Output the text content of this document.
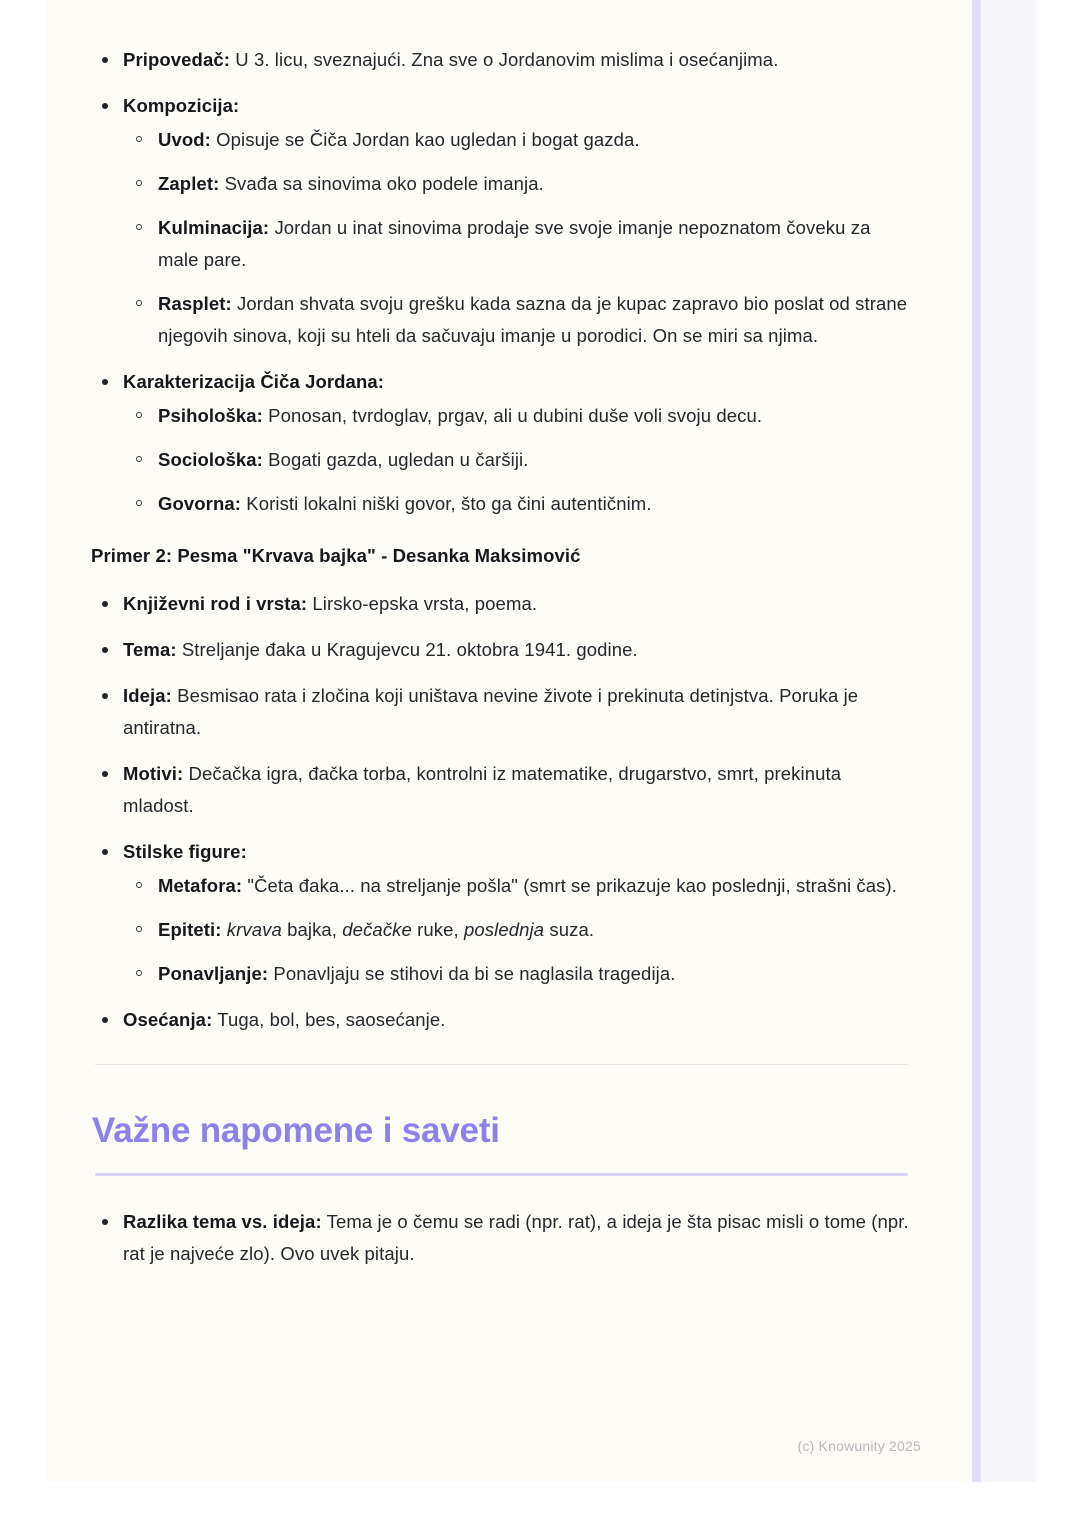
Pripovedač: U 3. licu, sveznajući. Zna sve o Jordanovim mislima i osećanjima.
Kompozicija:
Uvod: Opisuje se Čiča Jordan kao ugledan i bogat gazda.
Zaplet: Svađa sa sinovima oko podele imanja.
Kulminacija: Jordan u inat sinovima prodaje sve svoje imanje nepoznatom čoveku za male pare.
Rasplet: Jordan shvata svoju grešku kada sazna da je kupac zapravo bio poslat od strane njegovih sinova, koji su hteli da sačuvaju imanje u porodici. On se miri sa njima.
Karakterizacija Čiča Jordana:
Psihološka: Ponosan, tvrdoglav, prgav, ali u dubini duše voli svoju decu.
Sociološka: Bogati gazda, ugledan u čaršiji.
Govorna: Koristi lokalni niški govor, što ga čini autentičnim.

Primer 2: Pesma "Krvava bajka" - Desanka Maksimović

Književni rod i vrsta: Lirsko-epska vrsta, poema.
Tema: Streljanje đaka u Kragujevcu 21. oktobra 1941. godine.
Ideja: Besmisao rata i zločina koji uništava nevine živote i prekinuta detinjstva. Poruka je antiratna.
Motivi: Dečačka igra, đačka torba, kontrolni iz matematike, drugarstvo, smrt, prekinuta mladost.
Stilske figure:
Metafora: "Četa đaka... na streljanje pošla" (smrt se prikazuje kao poslednji, strašni čas).
Epiteti: krvava bajka, dečačke ruke, poslednja suza.
Ponavljanje: Ponavljaju se stihovi da bi se naglasila tragedija.
Osećanja: Tuga, bol, bes, saosećanje.
Važne napomene i saveti
Razlika tema vs. ideja: Tema je o čemu se radi (npr. rat), a ideja je šta pisac misli o tome (npr. rat je najveće zlo). Ovo uvek pitaju.
(c) Knowunity 2025
